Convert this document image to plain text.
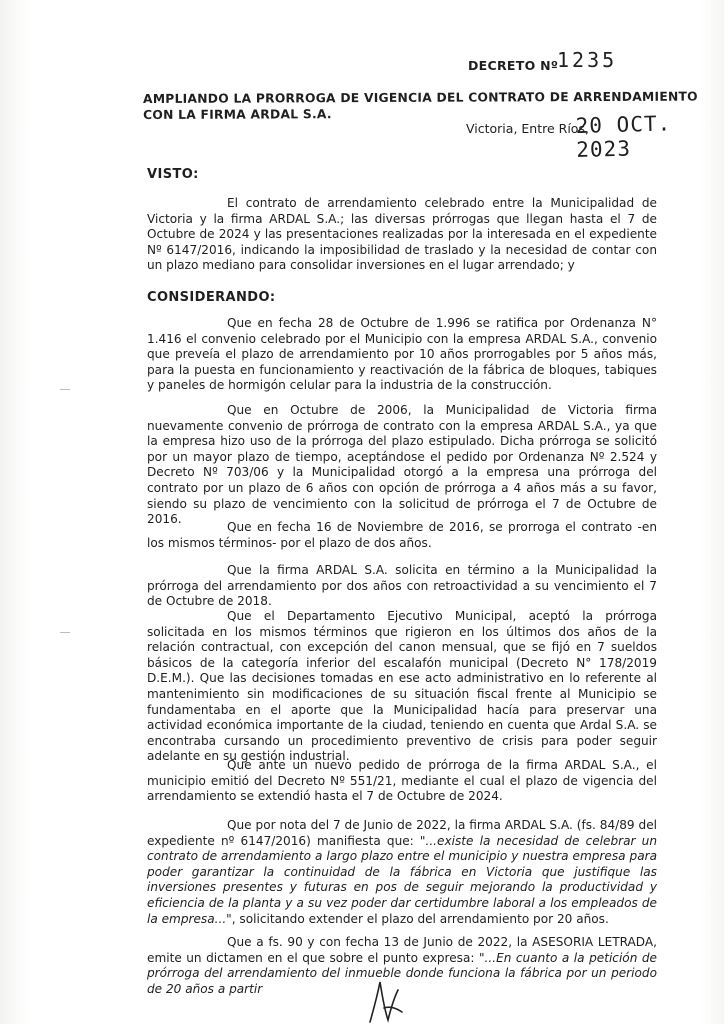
DECRETO Nº
1235
AMPLIANDO LA PRORROGA DE VIGENCIA DEL CONTRATO DE ARRENDAMIENTO
CON LA FIRMA ARDAL S.A.
Victoria, Entre Ríos,
20 OCT. 2023
VISTO:
El contrato de arrendamiento celebrado entre la Municipalidad de Victoria y la firma ARDAL S.A.; las diversas prórrogas que llegan hasta el 7 de Octubre de 2024 y las presentaciones realizadas por la interesada en el expediente Nº 6147/2016, indicando la imposibilidad de traslado y la necesidad de contar con un plazo mediano para consolidar inversiones en el lugar arrendado; y
CONSIDERANDO:
Que en fecha 28 de Octubre de 1.996 se ratifica por Ordenanza N° 1.416 el convenio celebrado por el Municipio con la empresa ARDAL S.A., convenio que preveía el plazo de arrendamiento por 10 años prorrogables por 5 años más, para la puesta en funcionamiento y reactivación de la fábrica de bloques, tabiques y paneles de hormigón celular para la industria de la construcción.
Que en Octubre de 2006, la Municipalidad de Victoria firma nuevamente convenio de prórroga de contrato con la empresa ARDAL S.A., ya que la empresa hizo uso de la prórroga del plazo estipulado. Dicha prórroga se solicitó por un mayor plazo de tiempo, aceptándose el pedido por Ordenanza Nº 2.524 y Decreto Nº 703/06 y la Municipalidad otorgó a la empresa una prórroga del contrato por un plazo de 6 años con opción de prórroga a 4 años más a su favor, siendo su plazo de vencimiento con la solicitud de prórroga el 7 de Octubre de 2016.
Que en fecha 16 de Noviembre de 2016, se prorroga el contrato -en los mismos términos- por el plazo de dos años.
Que la firma ARDAL S.A. solicita en término a la Municipalidad la prórroga del arrendamiento por dos años con retroactividad a su vencimiento el 7 de Octubre de 2018.
Que el Departamento Ejecutivo Municipal, aceptó la prórroga solicitada en los mismos términos que rigieron en los últimos dos años de la relación contractual, con excepción del canon mensual, que se fijó en 7 sueldos básicos de la categoría inferior del escalafón municipal (Decreto N° 178/2019 D.E.M.). Que las decisiones tomadas en ese acto administrativo en lo referente al mantenimiento sin modificaciones de su situación fiscal frente al Municipio se fundamentaba en el aporte que la Municipalidad hacía para preservar una actividad económica importante de la ciudad, teniendo en cuenta que Ardal S.A. se encontraba cursando un procedimiento preventivo de crisis para poder seguir adelante en su gestión industrial.
Que ante un nuevo pedido de prórroga de la firma ARDAL S.A., el municipio emitió del Decreto Nº 551/21, mediante el cual el plazo de vigencia del arrendamiento se extendió hasta el 7 de Octubre de 2024.
Que por nota del 7 de Junio de 2022, la firma ARDAL S.A. (fs. 84/89 del expediente nº 6147/2016) manifiesta que: "...existe la necesidad de celebrar un contrato de arrendamiento a largo plazo entre el municipio y nuestra empresa para poder garantizar la continuidad de la fábrica en Victoria que justifique las inversiones presentes y futuras en pos de seguir mejorando la productividad y eficiencia de la planta y a su vez poder dar certidumbre laboral a los empleados de la empresa...", solicitando extender el plazo del arrendamiento por 20 años.
Que a fs. 90 y con fecha 13 de Junio de 2022, la ASESORIA LETRADA, emite un dictamen en el que sobre el punto expresa: "...En cuanto a la petición de prórroga del arrendamiento del inmueble donde funciona la fábrica por un periodo de 20 años a partir
